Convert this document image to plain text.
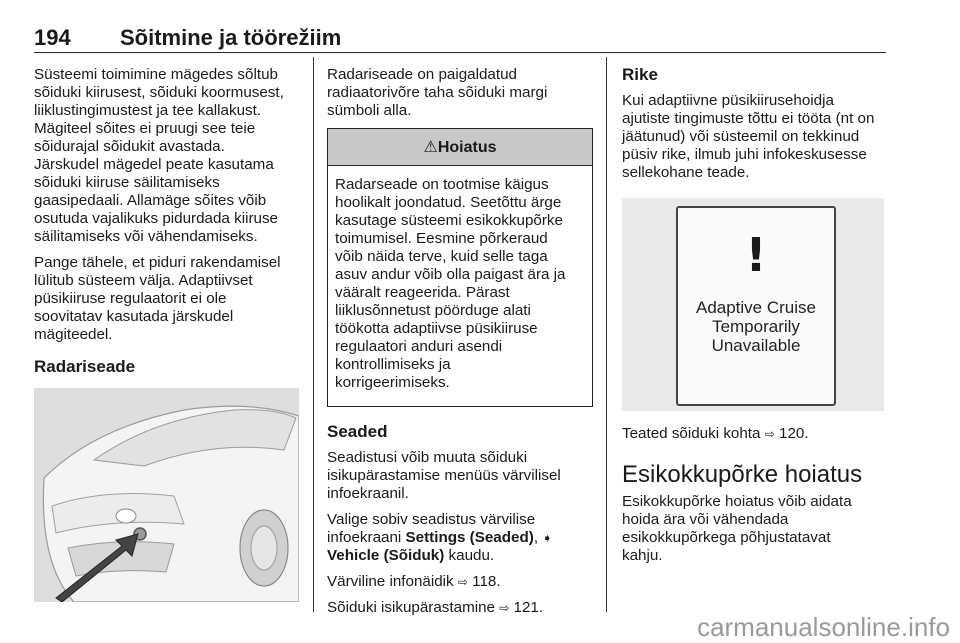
194 Sõitmine ja töörežiim

Süsteemi toimimine mägedes sõltub
sõiduki kiirusest, sõiduki koormusest,
liiklustingimustest ja tee kallakust.
Mägiteel sõites ei pruugi see teie
sõidurajal sõidukit avastada.
Järskudel mägedel peate kasutama
sõiduki kiiruse säilitamiseks
gaasipedaali. Allamäge sõites võib
osutuda vajalikuks pidurdada kiiruse
säilitamiseks või vähendamiseks.

Pange tähele, et piduri rakendamisel
lülitub süsteem välja. Adaptiivset
püsikiiruse regulaatorit ei ole
soovitatav kasutada järskudel
mägiteedel.

Radariseade

Radariseade on paigaldatud
radiaatorivõre taha sõiduki margi
sümboli alla.

⚠Hoiatus

Radarseade on tootmise käigus
hoolikalt joondatud. Seetõttu ärge
kasutage süsteemi esikokkupõrke
toimumisel. Eesmine põrkeraud
võib näida terve, kuid selle taga
asuv andur võib olla paigast ära ja
vääralt reageerida. Pärast
liiklusõnnetust pöörduge alati
töökotta adaptiivse püsikiiruse
regulaatori anduri asendi
kontrollimiseks ja
korrigeerimiseks.

Seaded

Seadistusi võib muuta sõiduki
isikupärastamise menüüs värvilisel
infoekraanil.

Valige sobiv seadistus värvilise
infoekraani Settings (Seaded), ➧
Vehicle (Sõiduk) kaudu.

Värviline infonäidik ⇨ 118.

Sõiduki isikupärastamine ⇨ 121.

Rike

Kui adaptiivne püsikiirusehoidja
ajutiste tingimuste tõttu ei tööta (nt on
jäätunud) või süsteemil on tekkinud
püsiv rike, ilmub juhi infokeskusesse
sellekohane teade.

!
Adaptive Cruise
Temporarily
Unavailable

Teated sõiduki kohta ⇨ 120.

Esikokkupõrke hoiatus

Esikokkupõrke hoiatus võib aidata
hoida ära või vähendada
esikokkupõrkega põhjustatavat
kahju.

carmanualsonline.info
